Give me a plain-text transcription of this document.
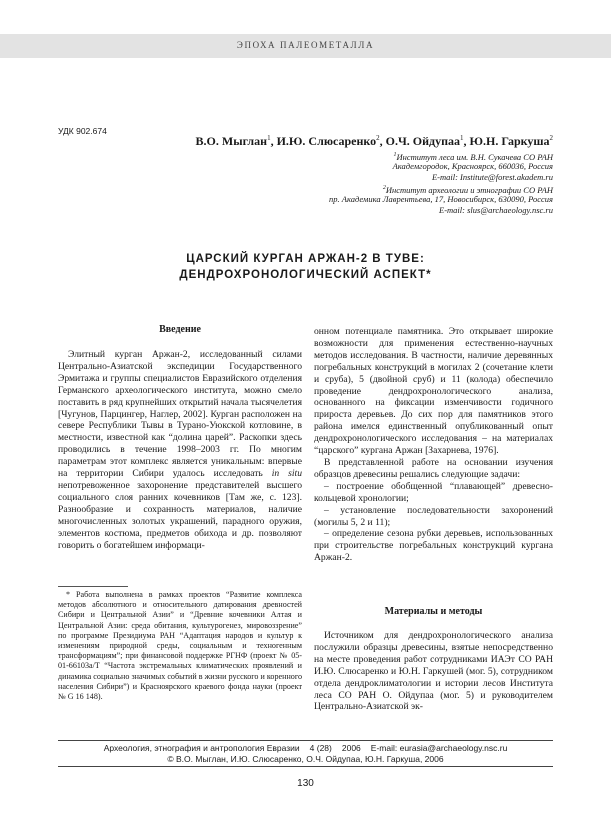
ЭПОХА ПАЛЕОМЕТАЛЛА
УДК 902.674
В.О. Мыглан$^1$, И.Ю. Слюсаренко$^2$, О.Ч. Ойдупаа$^1$, Ю.Н. Гаркуша$^2$
$^1$Институт леса им. В.Н. Сукачева СО РАН
Академгородок, Красноярск, 660036, Россия
E-mail: Institute@forest.akadem.ru
$^2$Институт археологии и этнографии СО РАН
пр. Академика Лаврентьева, 17, Новосибирск, 630090, Россия
E-mail: slus@archaeology.nsc.ru
ЦАРСКИЙ КУРГАН АРЖАН-2 В ТУВЕ:
ДЕНДРОХРОНОЛОГИЧЕСКИЙ АСПЕКТ*
Введение

Элитный курган Аржан-2, исследованный силами Центрально-Азиатской экспедиции Государственного Эрмитажа и группы специалистов Евразийского отделения Германского археологического института, можно смело поставить в ряд крупнейших открытий начала тысячелетия [Чугунов, Парцингер, Наглер, 2002]. Курган расположен на севере Республики Тывы в Турано-Уюкской котловине, в местности, известной как “долина царей”. Раскопки здесь проводились в течение 1998–2003 гг. По многим параметрам этот комплекс является уникальным: впервые на территории Сибири удалось исследовать in situ непотревоженное захоронение представителей высшего социального слоя ранних кочевников [Там же, с. 123]. Разнообразие и сохранность материалов, наличие многочисленных золотых украшений, парадного оружия, элементов костюма, предметов обихода и др. позволяют говорить о богатейшем информаци-

* Работа выполнена в рамках проектов “Развитие комплекса методов абсолютного и относительного датирования древностей Сибири и Центральной Азии” и “Древние кочевники Алтая и Центральной Азии: среда обитания, культурогенез, мировоззрение” по программе Президиума РАН “Адаптация народов и культур к изменениям природной среды, социальным и техногенным трансформациям”; при финансовой поддержке РГНФ (проект № 05-01-66103а/Т “Частота экстремальных климатических проявлений и динамика социально значимых событий в жизни русского и коренного населения Сибири”) и Красноярского краевого фонда науки (проект № G 16 148).

онном потенциале памятника. Это открывает широкие возможности для применения естественно-научных методов исследования. В частности, наличие деревянных погребальных конструкций в могилах 2 (сочетание клети и сруба), 5 (двойной сруб) и 11 (колода) обеспечило проведение дендрохронологического анализа, основанного на фиксации изменчивости годичного прироста деревьев. До сих пор для памятников этого района имелся единственный опубликованный опыт дендрохронологического исследования – на материалах “царского” кургана Аржан [Захарнева, 1976].

В представленной работе на основании изучения образцов древесины решались следующие задачи:

– построение обобщенной “плавающей” древесно-кольцевой хронологии;

– установление последовательности захоронений (могилы 5, 2 и 11);

– определение сезона рубки деревьев, использованных при строительстве погребальных конструкций кургана Аржан-2.

Материалы и методы

Источником для дендрохронологического анализа послужили образцы древесины, взятые непосредственно на месте проведения работ сотрудниками ИАЭт СО РАН И.Ю. Слюсаренко и Ю.Н. Гаркушей (мог. 5), сотрудником отдела дендроклиматологии и истории лесов Института леса СО РАН О. Ойдупаа (мог. 5) и руководителем Центрально-Азиатской эк-

Археология, этнография и антропология Евразии 4 (28) 2006 E-mail: eurasia@archaeology.nsc.ru
© В.О. Мыглан, И.Ю. Слюсаренко, О.Ч. Ойдупаа, Ю.Н. Гаркуша, 2006
130
